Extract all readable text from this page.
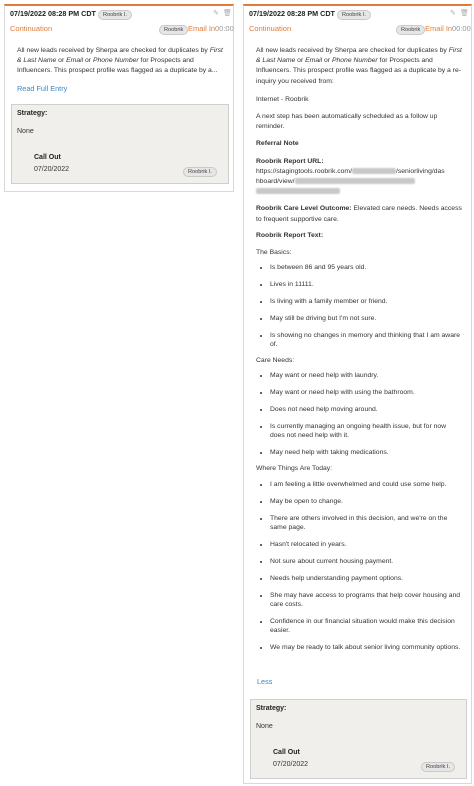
07/19/2022 08:28 PM CDT	Roobrik I.	✎ 🗑
Continuation	Roobrik Email In 00:00
All new leads received by Sherpa are checked for duplicates by First & Last Name or Email or Phone Number for Prospects and Influencers. This prospect profile was flagged as a duplicate by a...
Read Full Entry
Strategy:
None
Call Out
07/20/2022	Roobrik I.
07/19/2022 08:28 PM CDT	Roobrik I.	✎ 🗑
Continuation	Roobrik Email In 00:00

All new leads received by Sherpa are checked for duplicates by First & Last Name or Email or Phone Number for Prospects and Influencers. This prospect profile was flagged as a duplicate by a re-inquiry you received from:

Internet - Roobrik

A next step has been automatically scheduled as a follow up reminder.

Referral Note

Roobrik Report URL:

https://stagingtools.roobrik.com/	/seniorliving/das
hboard/view/

Roobrik Care Level Outcome: Elevated care needs. Needs access to frequent supportive care.

Roobrik Report Text:

The Basics:

• Is between 86 and 95 years old.
• Lives in 11111.
• Is living with a family member or friend.
• May still be driving but I'm not sure.
• Is showing no changes in memory and thinking that I am aware of.

Care Needs:

• May want or need help with laundry.
• May want or need help with using the bathroom.
• Does not need help moving around.
• Is currently managing an ongoing health issue, but for now does not need help with it.
• May need help with taking medications.

Where Things Are Today:

• I am feeling a little overwhelmed and could use some help.
• May be open to change.
• There are others involved in this decision, and we're on the same page.
• Hasn't relocated in years.
• Not sure about current housing payment.
• Needs help understanding payment options.
• She may have access to programs that help cover housing and care costs.
• Confidence in our financial situation would make this decision easier.
• We may be ready to talk about senior living community options.
Less
Strategy:
None
Call Out
07/20/2022	Roobrik I.
